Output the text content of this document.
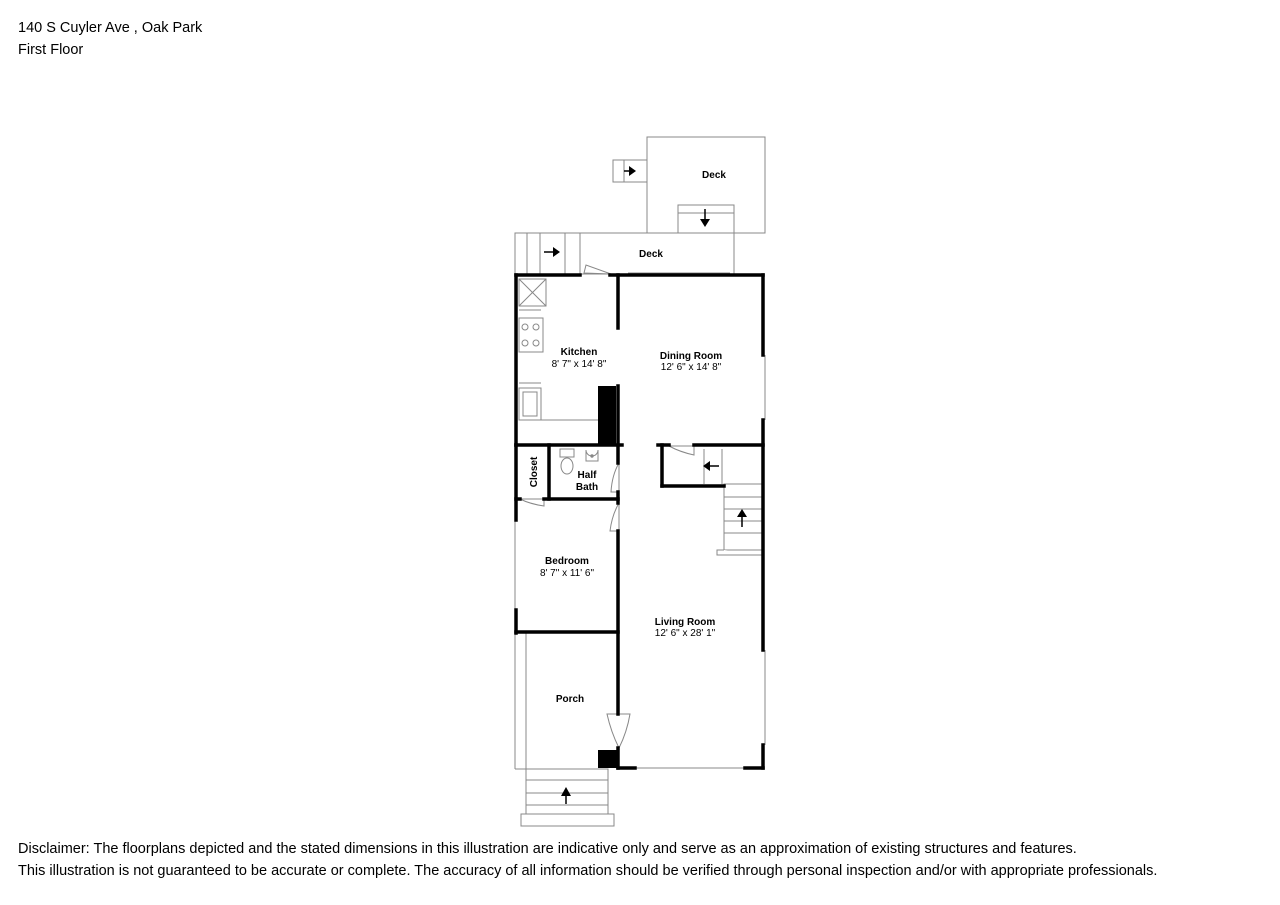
140 S Cuyler Ave , Oak Park
First Floor
Deck
Deck
Kitchen
8' 7" x 14' 8"
Dining Room
12' 6" x 14' 8"
Closet	Half
Bath
Bedroom
8' 7" x 11' 6"
Living Room
12' 6" x 28' 1"
Porch
Disclaimer: The floorplans depicted and the stated dimensions in this illustration are indicative only and serve as an approximation of existing structures and features.
This illustration is not guaranteed to be accurate or complete. The accuracy of all information should be verified through personal inspection and/or with appropriate professionals.
